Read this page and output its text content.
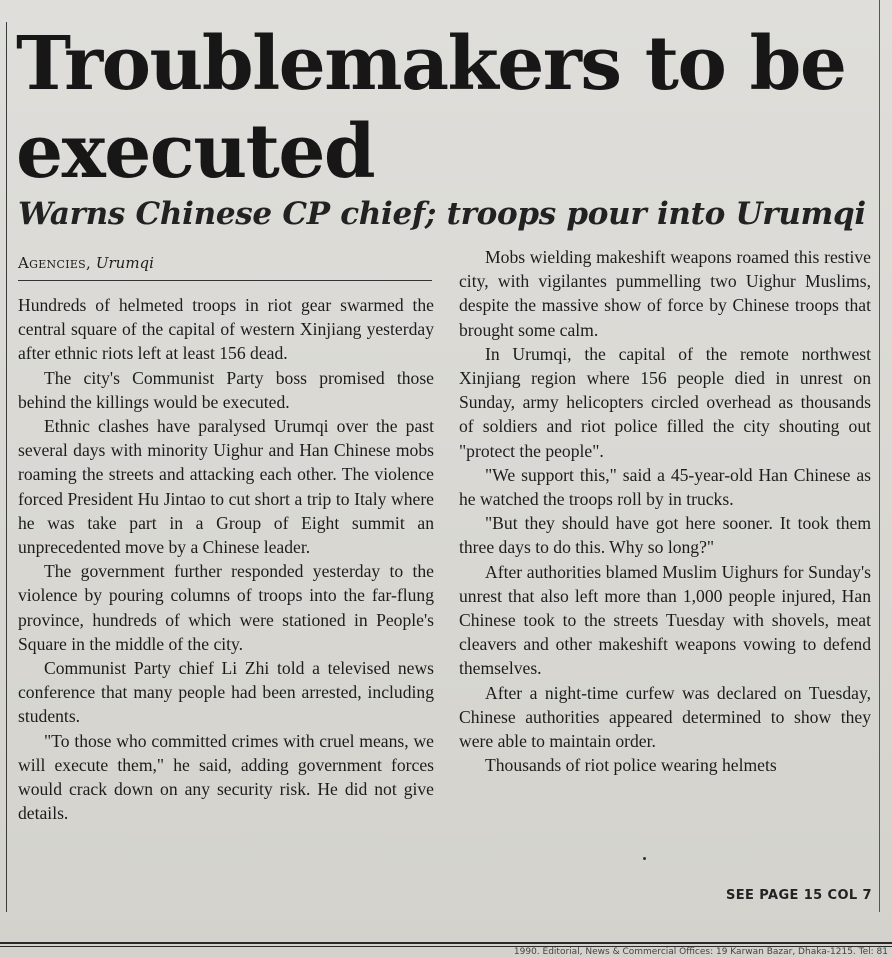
Troublemakers to be executed
Warns Chinese CP chief; troops pour into Urumqi
Agencies, Urumqi

Hundreds of helmeted troops in riot gear swarmed the central square of the capital of western Xinjiang yesterday after ethnic riots left at least 156 dead.

The city's Communist Party boss promised those behind the killings would be executed.

Ethnic clashes have paralysed Urumqi over the past several days with minority Uighur and Han Chinese mobs roaming the streets and attacking each other. The violence forced President Hu Jintao to cut short a trip to Italy where he was take part in a Group of Eight summit an unprecedented move by a Chinese leader.

The government further responded yesterday to the violence by pouring columns of troops into the far-flung province, hundreds of which were stationed in People's Square in the middle of the city.

Communist Party chief Li Zhi told a televised news conference that many people had been arrested, including students.

"To those who committed crimes with cruel means, we will execute them," he said, adding government forces would crack down on any security risk. He did not give details.

Mobs wielding makeshift weapons roamed this restive city, with vigilantes pummelling two Uighur Muslims, despite the massive show of force by Chinese troops that brought some calm.

In Urumqi, the capital of the remote northwest Xinjiang region where 156 people died in unrest on Sunday, army helicopters circled overhead as thousands of soldiers and riot police filled the city shouting out "protect the people".

"We support this," said a 45-year-old Han Chinese as he watched the troops roll by in trucks.

"But they should have got here sooner. It took them three days to do this. Why so long?"

After authorities blamed Muslim Uighurs for Sunday's unrest that also left more than 1,000 people injured, Han Chinese took to the streets Tuesday with shovels, meat cleavers and other makeshift weapons vowing to defend themselves.

After a night-time curfew was declared on Tuesday, Chinese authorities appeared determined to show they were able to maintain order.

Thousands of riot police wearing helmets

SEE PAGE 15 COL 7
1990. Editorial, News & Commercial Offices: 19 Karwan Bazar, Dhaka-1215. Tel: 81
